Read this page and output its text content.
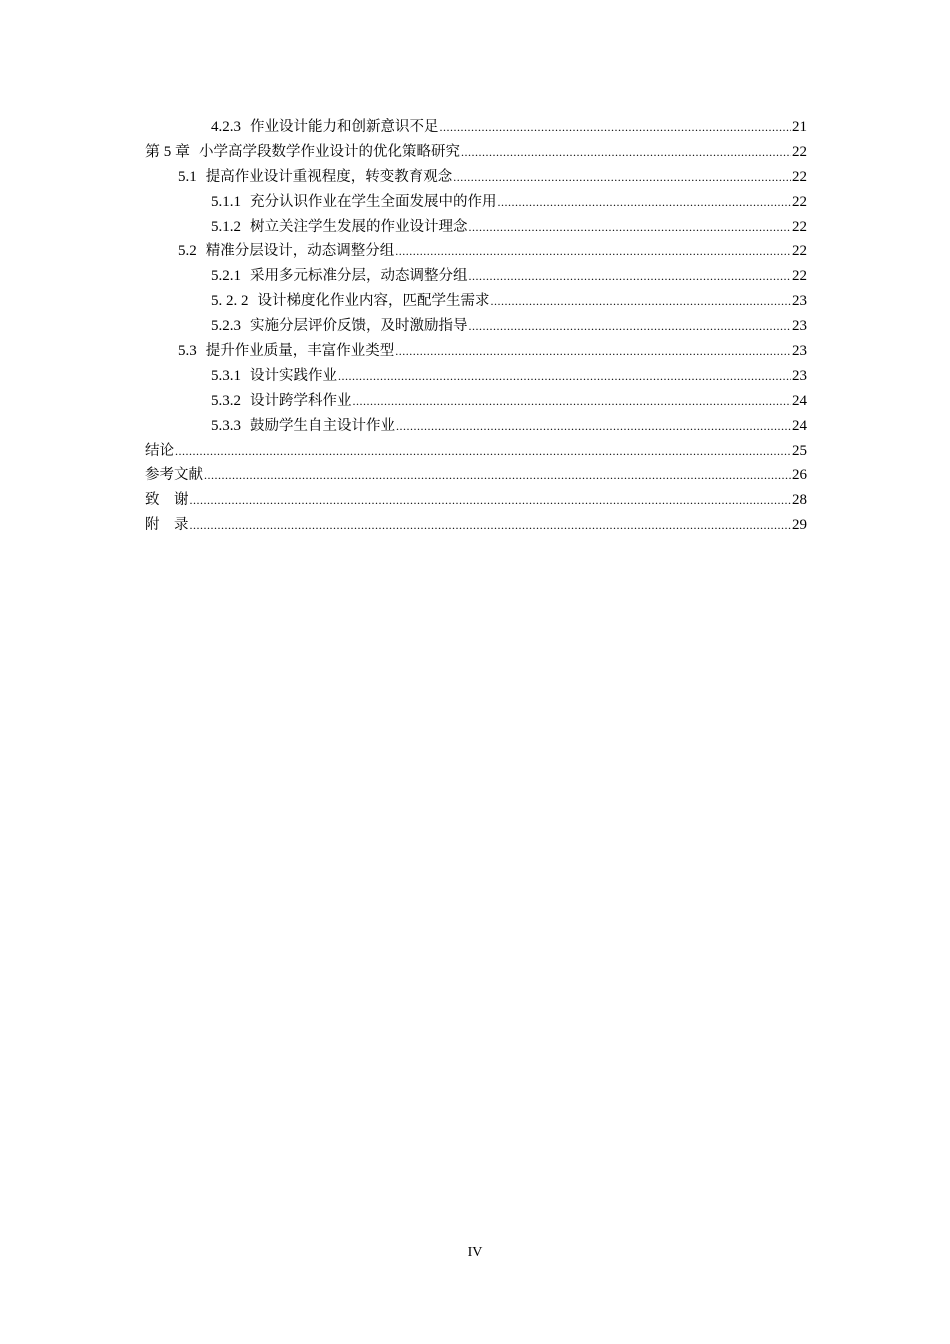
4.2.3 作业设计能力和创新意识不足 .....	21
第 5 章 小学高学段数学作业设计的优化策略研究 .....	22
5.1 提高作业设计重视程度，转变教育观念 .....	22
5.1.1 充分认识作业在学生全面发展中的作用 .....	22
5.1.2 树立关注学生发展的作业设计理念 .....	22
5.2 精准分层设计，动态调整分组 .....	22
5.2.1 采用多元标准分层，动态调整分组 .....	22
5. 2. 2 设计梯度化作业内容，匹配学生需求 .....	23
5.2.3 实施分层评价反馈，及时激励指导 .....	23
5.3 提升作业质量，丰富作业类型 .....	23
5.3.1 设计实践作业 .....	23
5.3.2 设计跨学科作业 .....	24
5.3.3 鼓励学生自主设计作业 .....	24
结论 .....	25
参考文献 .....	26
致　谢 .....	28
附　录 .....	29
IV
